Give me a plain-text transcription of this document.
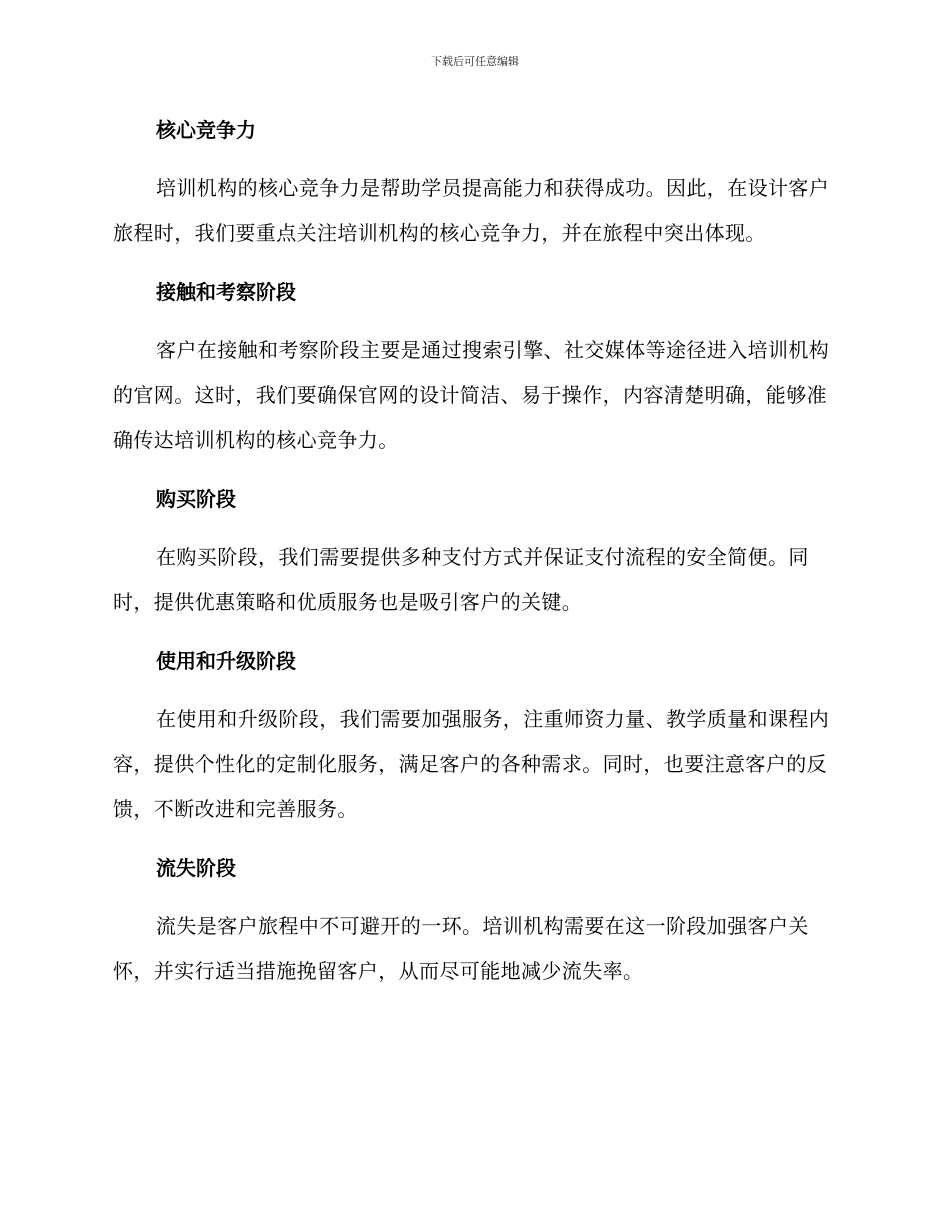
下载后可任意编辑
核心竞争力

培训机构的核心竞争力是帮助学员提高能力和获得成功。因此，在设计客户旅程时，我们要重点关注培训机构的核心竞争力，并在旅程中突出体现。

接触和考察阶段

客户在接触和考察阶段主要是通过搜索引擎、社交媒体等途径进入培训机构的官网。这时，我们要确保官网的设计简洁、易于操作，内容清楚明确，能够准确传达培训机构的核心竞争力。

购买阶段

在购买阶段，我们需要提供多种支付方式并保证支付流程的安全简便。同时，提供优惠策略和优质服务也是吸引客户的关键。

使用和升级阶段

在使用和升级阶段，我们需要加强服务，注重师资力量、教学质量和课程内容，提供个性化的定制化服务，满足客户的各种需求。同时，也要注意客户的反馈，不断改进和完善服务。

流失阶段

流失是客户旅程中不可避开的一环。培训机构需要在这一阶段加强客户关怀，并实行适当措施挽留客户，从而尽可能地减少流失率。
